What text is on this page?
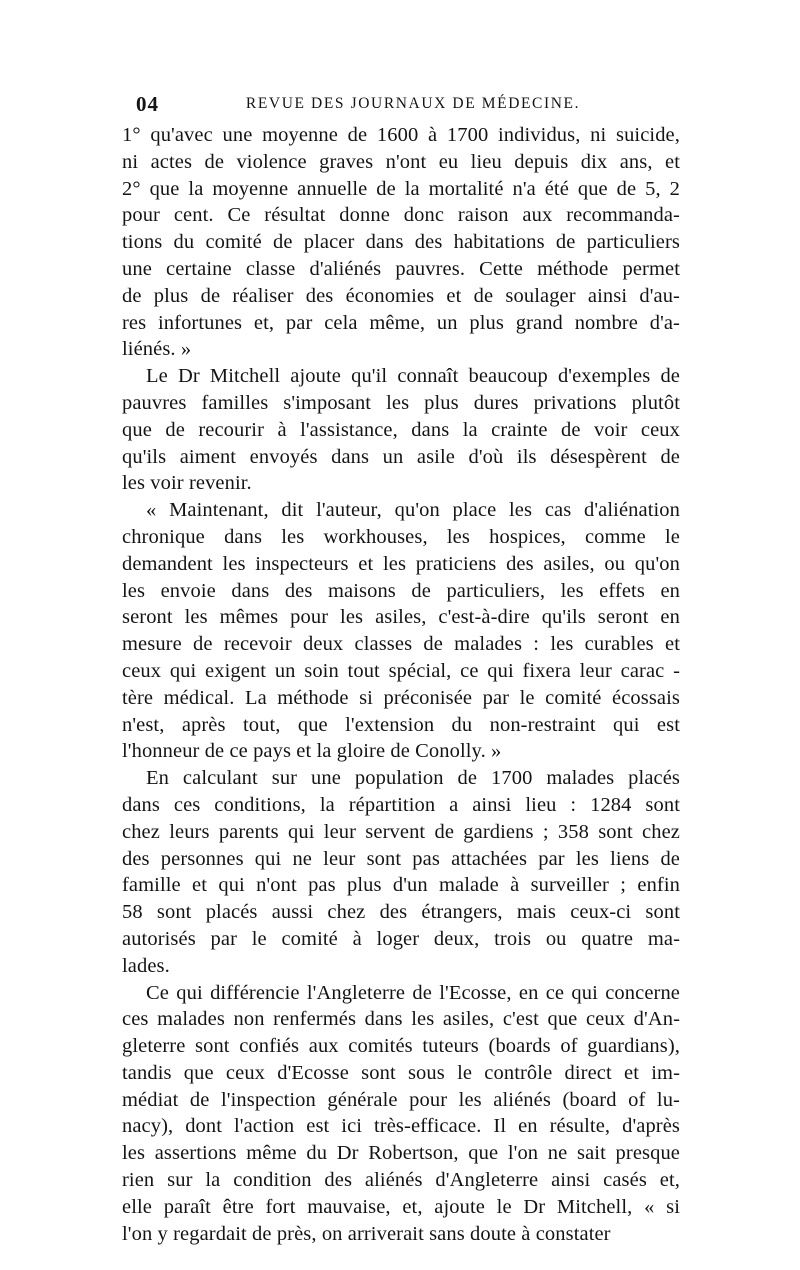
04	REVUE DES JOURNAUX DE MÉDECINE.
1° qu'avec une moyenne de 1600 à 1700 individus, ni suicide,
ni actes de violence graves n'ont eu lieu depuis dix ans, et
2° que la moyenne annuelle de la mortalité n'a été que de 5, 2
pour cent. Ce résultat donne donc raison aux recommanda-
tions du comité de placer dans des habitations de particuliers
une certaine classe d'aliénés pauvres. Cette méthode permet
de plus de réaliser des économies et de soulager ainsi d'au-
res infortunes et, par cela même, un plus grand nombre d'a-
liénés. »
Le Dr Mitchell ajoute qu'il connaît beaucoup d'exemples de
pauvres familles s'imposant les plus dures privations plutôt
que de recourir à l'assistance, dans la crainte de voir ceux
qu'ils aiment envoyés dans un asile d'où ils désespèrent de
les voir revenir.
« Maintenant, dit l'auteur, qu'on place les cas d'aliénation
chronique dans les workhouses, les hospices, comme le
demandent les inspecteurs et les praticiens des asiles, ou qu'on
les envoie dans des maisons de particuliers, les effets en
seront les mêmes pour les asiles, c'est-à-dire qu'ils seront en
mesure de recevoir deux classes de malades : les curables et
ceux qui exigent un soin tout spécial, ce qui fixera leur carac -
tère médical. La méthode si préconisée par le comité écossais
n'est, après tout, que l'extension du non-restraint qui est
l'honneur de ce pays et la gloire de Conolly. »
En calculant sur une population de 1700 malades placés
dans ces conditions, la répartition a ainsi lieu : 1284 sont
chez leurs parents qui leur servent de gardiens ; 358 sont chez
des personnes qui ne leur sont pas attachées par les liens de
famille et qui n'ont pas plus d'un malade à surveiller ; enfin
58 sont placés aussi chez des étrangers, mais ceux-ci sont
autorisés par le comité à loger deux, trois ou quatre ma-
lades.
Ce qui différencie l'Angleterre de l'Ecosse, en ce qui concerne
ces malades non renfermés dans les asiles, c'est que ceux d'An-
gleterre sont confiés aux comités tuteurs (boards of guardians),
tandis que ceux d'Ecosse sont sous le contrôle direct et im-
médiat de l'inspection générale pour les aliénés (board of lu-
nacy), dont l'action est ici très-efficace. Il en résulte, d'après
les assertions même du Dr Robertson, que l'on ne sait presque
rien sur la condition des aliénés d'Angleterre ainsi casés et,
elle paraît être fort mauvaise, et, ajoute le Dr Mitchell, « si
l'on y regardait de près, on arriverait sans doute à constater
